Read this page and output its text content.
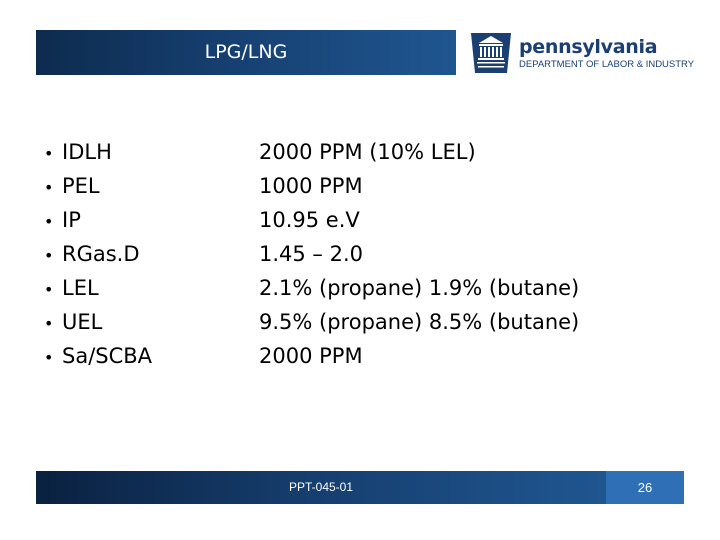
LPG/LNG	pennsylvania
DEPARTMENT OF LABOR & INDUSTRY
• IDLH
• PEL
• IP
• RGas.D
• LEL
• UEL
• Sa/SCBA
2000 PPM (10% LEL)
1000 PPM
10.95 e.V
1.45 – 2.0
2.1% (propane) 1.9% (butane)
9.5% (propane) 8.5% (butane)
2000 PPM
PPT-045-01	26
